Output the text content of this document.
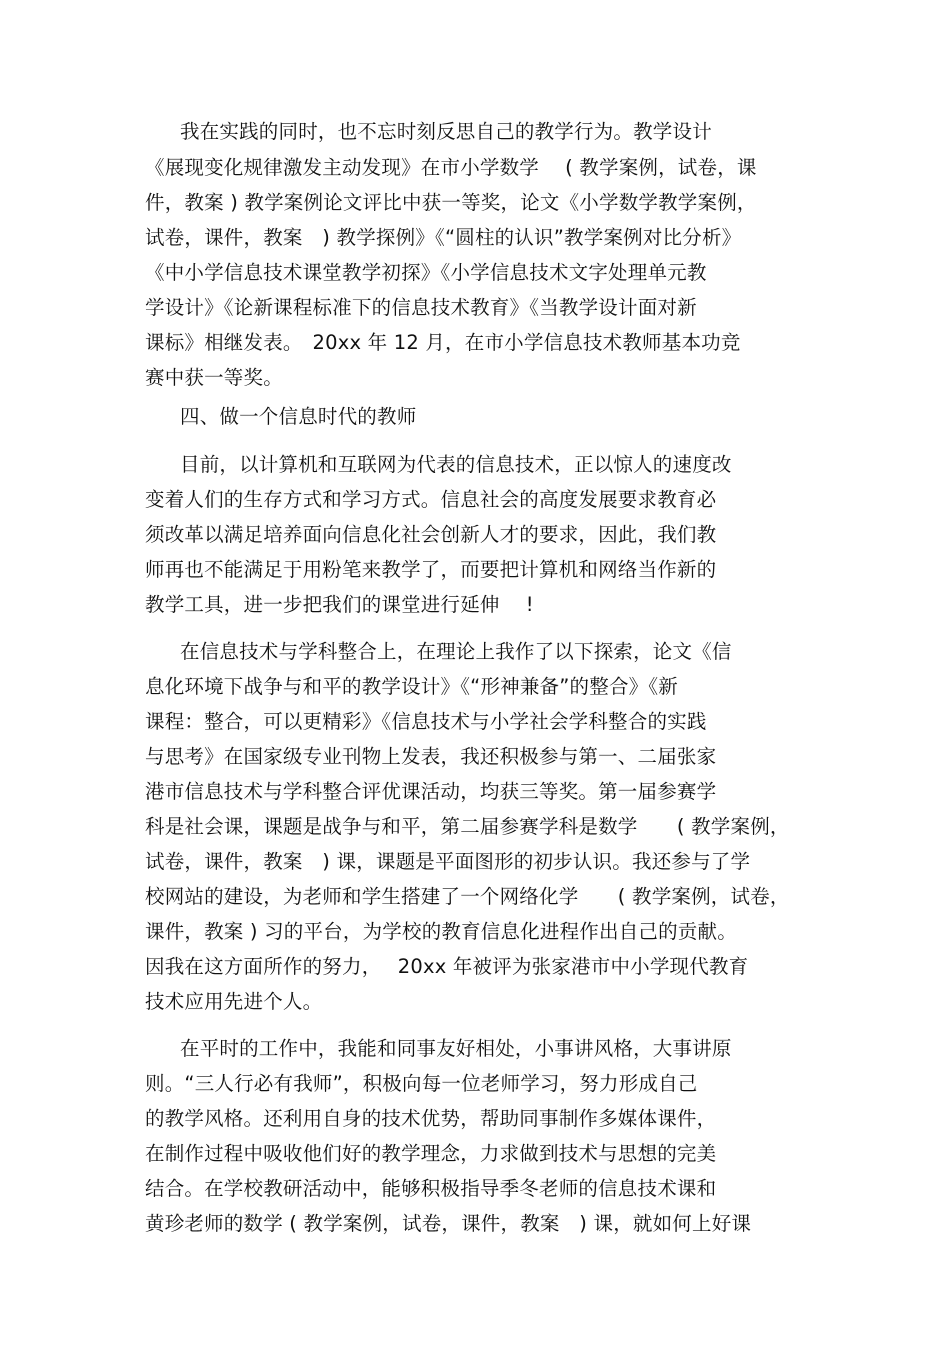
我在实践的同时，也不忘时刻反思自己的教学行为。教学设计
《展现变化规律激发主动发现》在市小学数学　 ( 教学案例，试卷，课
件，教案 ) 教学案例论文评比中获一等奖，论文《小学数学教学案例，
试卷，课件，教案　) 教学探例》《“圆柱的认识”教学案例对比分析》
《中小学信息技术课堂教学初探》《小学信息技术文字处理单元教
学设计》《论新课程标准下的信息技术教育》《当教学设计面对新
课标》相继发表。　20xx 年 12 月，在市小学信息技术教师基本功竞
赛中获一等奖。
四、做一个信息时代的教师
目前，以计算机和互联网为代表的信息技术，正以惊人的速度改
变着人们的生存方式和学习方式。信息社会的高度发展要求教育必
须改革以满足培养面向信息化社会创新人才的要求，因此，我们教
师再也不能满足于用粉笔来教学了，而要把计算机和网络当作新的
教学工具，进一步把我们的课堂进行延伸　 !
在信息技术与学科整合上，在理论上我作了以下探索，论文《信
息化环境下战争与和平的教学设计》《“形神兼备”的整合》《新
课程：整合，可以更精彩》《信息技术与小学社会学科整合的实践
与思考》在国家级专业刊物上发表，我还积极参与第一、二届张家
港市信息技术与学科整合评优课活动，均获三等奖。第一届参赛学
科是社会课，课题是战争与和平，第二届参赛学科是数学　　( 教学案例，
试卷，课件，教案　) 课，课题是平面图形的初步认识。我还参与了学
校网站的建设，为老师和学生搭建了一个网络化学　　( 教学案例，试卷，
课件，教案 ) 习的平台，为学校的教育信息化进程作出自己的贡献。
因我在这方面所作的努力，　 20xx 年被评为张家港市中小学现代教育
技术应用先进个人。
在平时的工作中，我能和同事友好相处，小事讲风格，大事讲原
则。“三人行必有我师”，积极向每一位老师学习，努力形成自己
的教学风格。还利用自身的技术优势，帮助同事制作多媒体课件，
在制作过程中吸收他们好的教学理念，力求做到技术与思想的完美
结合。在学校教研活动中，能够积极指导季冬老师的信息技术课和
黄珍老师的数学 ( 教学案例，试卷，课件，教案　) 课，就如何上好课
